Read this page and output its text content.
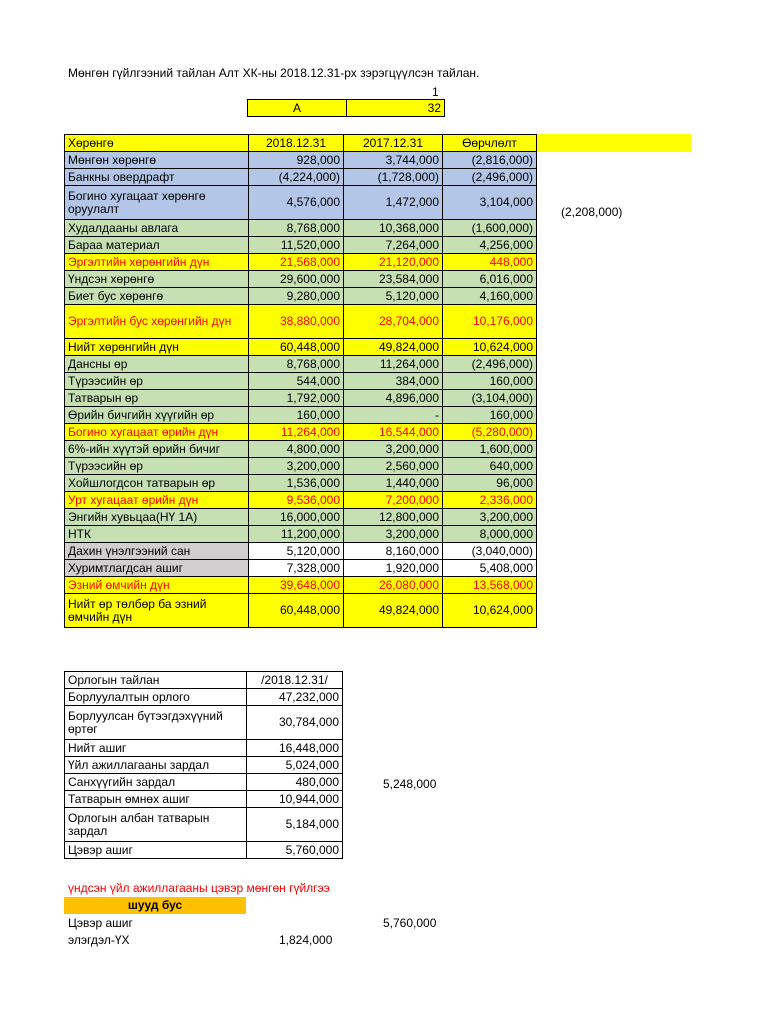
Мөнгөн гүйлгээний тайлан Алт ХК-ны 2018.12.31-рх зэрэгцүүлсэн тайлан.
1
A	32
Хөрөнгө	2018.12.31	2017.12.31	Өөрчлөлт
Мөнгөн хөрөнгө	928,000	3,744,000	(2,816,000)
Банкны овердрафт	(4,224,000)	(1,728,000)	(2,496,000)
Богино хугацаат хөрөнгө оруулалт	4,576,000	1,472,000	3,104,000
Худалдааны авлага	8,768,000	10,368,000	(1,600,000)
Бараа материал	11,520,000	7,264,000	4,256,000
Эргэлтийн хөрөнгийн дүн	21,568,000	21,120,000	448,000
Үндсэн хөрөнгө	29,600,000	23,584,000	6,016,000
Биет бус хөрөнгө	9,280,000	5,120,000	4,160,000
Эргэлтийн бус хөрөнгийн дүн	38,880,000	28,704,000	10,176,000
Нийт хөрөнгийн дүн	60,448,000	49,824,000	10,624,000
Дансны өр	8,768,000	11,264,000	(2,496,000)
Түрээсийн өр	544,000	384,000	160,000
Татварын өр	1,792,000	4,896,000	(3,104,000)
Өрийн бичгийн хүүгийн өр	160,000	-	160,000
Богино хугацаат өрийн дүн	11,264,000	16,544,000	(5,280,000)
6%-ийн хүүтэй өрийн бичиг	4,800,000	3,200,000	1,600,000
Түрээсийн өр	3,200,000	2,560,000	640,000
Хойшлогдсон татварын өр	1,536,000	1,440,000	96,000
Урт хугацаат өрийн дүн	9,536,000	7,200,000	2,336,000
Энгийн хувьцаа(НҮ 1А)	16,000,000	12,800,000	3,200,000
НТК	11,200,000	3,200,000	8,000,000
Дахин үнэлгээний сан	5,120,000	8,160,000	(3,040,000)
Хуримтлагдсан ашиг	7,328,000	1,920,000	5,408,000
Эзний өмчийн дүн	39,648,000	26,080,000	13,568,000
Нийт өр төлбөр ба эзний өмчийн дүн	60,448,000	49,824,000	10,624,000
(2,208,000)
Орлогын тайлан	/2018.12.31/
Борлуулалтын орлого	47,232,000
Борлуулсан бүтээгдэхүүний өртөг	30,784,000
Нийт ашиг	16,448,000
Үйл ажиллагааны зардал	5,024,000
Санхүүгийн зардал	480,000
Татварын өмнөх ашиг	10,944,000
Орлогын албан татварын зардал	5,184,000
Цэвэр ашиг	5,760,000
5,248,000
үндсэн үйл ажиллагааны цэвэр мөнгөн гүйлгээ
шууд бус
Цэвэр ашиг	5,760,000
элэгдэл-ҮХ	1,824,000
